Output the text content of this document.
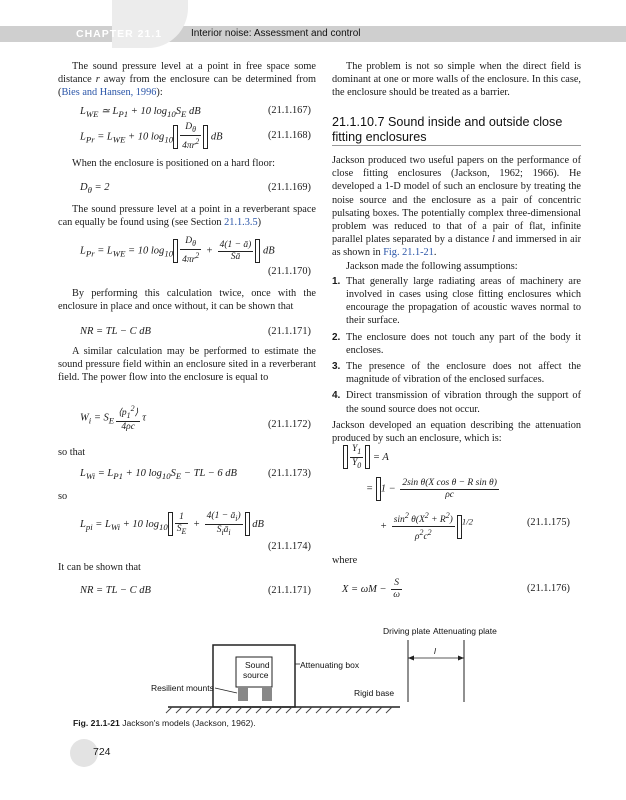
CHAPTER 21.1	Interior noise: Assessment and control

The sound pressure level at a point in free space some distance r away from the enclosure can be determined from (Bies and Hansen, 1996):

$L_{WE}$ ≃ $L_{P1} + 10$ $\log_{10}S_E$ dB	(21.1.167)
$L_{Pr} = L_{WE} + 10$ $\log_{10} \frac{D_\theta}{4\pi r^2}$ dB	(21.1.168)

When the enclosure is positioned on a hard floor:

$D_\theta = 2$	(21.1.169)

The sound pressure level at a point in a reverberant space can equally be found using (see Section 21.1.3.5)

$L_{Pr} = L_{WE} = 10$ $\log_{10} \frac{D_\theta}{4\pi r^2} + \frac{4(1 - ā)}{Sā}$ dB
(21.1.170)

By performing this calculation twice, once with the enclosure in place and once without, it can be shown that

NR = TL − C dB	(21.1.171)

A similar calculation may be performed to estimate the sound pressure field within an enclosure sited in a reverberant field. The power flow into the enclosure is equal to

$W_i = S_E \frac{⟨p_1^2⟩}{4\rho c}$ τ
(21.1.172)
so that
$L_{Wi} = L_{P1} + 10$ $\log_{10}S_E$ − TL − 6 dB	(21.1.173)
so
$L_{pi} = L_{Wi} + 10$ $\log_{10} \frac{1}{S_E} + \frac{4(1 - ā_i)}{S_iā_i}$ dB
(21.1.174)
It can be shown that
NR = TL − C dB	(21.1.171)

The problem is not so simple when the direct field is dominant at one or more walls of the enclosure. In this case, the enclosure should be treated as a barrier.

21.1.10.7 Sound inside and outside close fitting enclosures

Jackson produced two useful papers on the performance of close fitting enclosures (Jackson, 1962; 1966). He developed a 1-D model of such an enclosure by treating the noise source and the enclosure as a pair of concentric pulsating boxes. The potentially complex three-dimensional problem was reduced to that of a pair of flat, infinite parallel plates separated by a distance l and immersed in air as shown in Fig. 21.1-21.

Jackson made the following assumptions:

1. That generally large radiating areas of machinery are involved in cases using close fitting enclosures which encourage the propagation of acoustic waves normal to their surface.
2. The enclosure does not touch any part of the body it encloses.
3. The presence of the enclosure does not affect the magnitude of vibration of the enclosed surfaces.
4. Direct transmission of vibration through the support of the sound source does not occur.

Jackson developed an equation describing the attenuation produced by such an enclosure, which is:

$\frac{Y_1}{Y_0} = A$
= $1 - \frac{\text{2sin θ(X cos θ − R sin θ)}}{\rho c}$
+ $\frac{\sin^2 \theta(X^2 + R^2)}{\rho^2c^2} ^{1/2}$	(21.1.175)
where
$X = \omega M - \frac{S}{\omega}$	(21.1.176)
Driving plate Attenuating plate
l
Sound
source
Attenuating box
Resilient mounts	Rigid base
Fig. 21.1-21 Jackson's models (Jackson, 1962).
724
